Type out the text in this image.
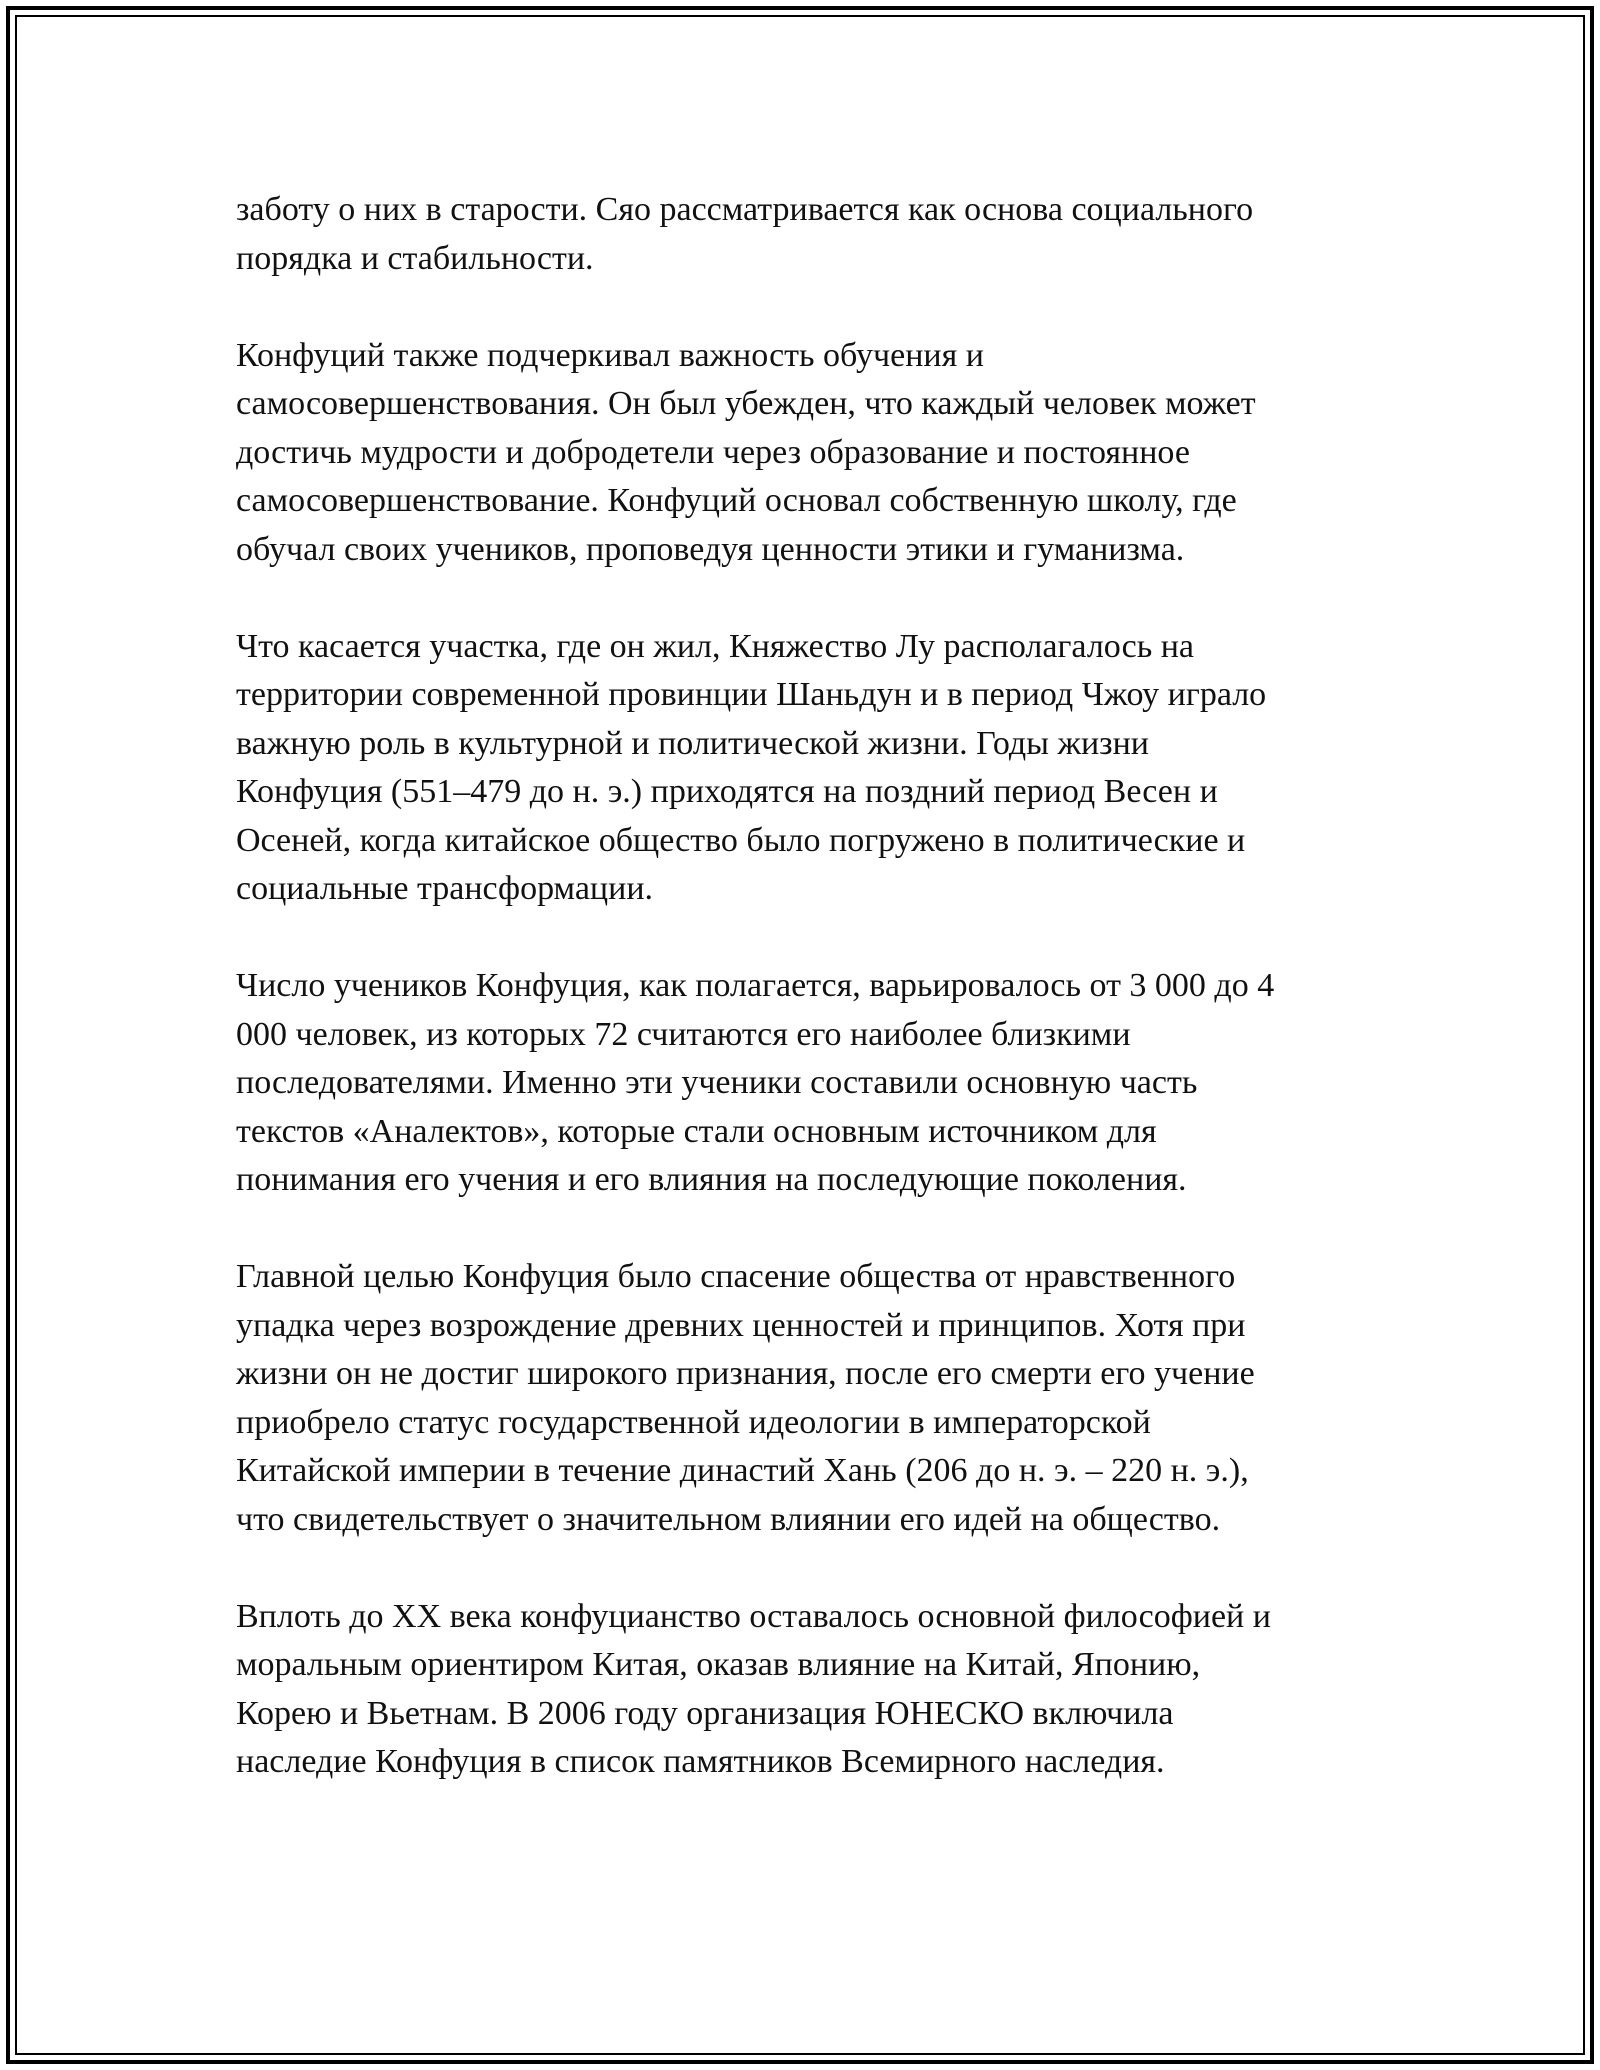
заботу о них в старости. Сяо рассматривается как основа социального
порядка и стабильности.
Конфуций также подчеркивал важность обучения и
самосовершенствования. Он был убежден, что каждый человек может
достичь мудрости и добродетели через образование и постоянное
самосовершенствование. Конфуций основал собственную школу, где
обучал своих учеников, проповедуя ценности этики и гуманизма.
Что касается участка, где он жил, Княжество Лу располагалось на
территории современной провинции Шаньдун и в период Чжоу играло
важную роль в культурной и политической жизни. Годы жизни
Конфуция (551–479 до н. э.) приходятся на поздний период Весен и
Осеней, когда китайское общество было погружено в политические и
социальные трансформации.
Число учеников Конфуция, как полагается, варьировалось от 3 000 до 4
000 человек, из которых 72 считаются его наиболее близкими
последователями. Именно эти ученики составили основную часть
текстов «Аналектов», которые стали основным источником для
понимания его учения и его влияния на последующие поколения.
Главной целью Конфуция было спасение общества от нравственного
упадка через возрождение древних ценностей и принципов. Хотя при
жизни он не достиг широкого признания, после его смерти его учение
приобрело статус государственной идеологии в императорской
Китайской империи в течение династий Хань (206 до н. э. – 220 н. э.),
что свидетельствует о значительном влиянии его идей на общество.
Вплоть до XX века конфуцианство оставалось основной философией и
моральным ориентиром Китая, оказав влияние на Китай, Японию,
Корею и Вьетнам. В 2006 году организация ЮНЕСКО включила
наследие Конфуция в список памятников Всемирного наследия.
